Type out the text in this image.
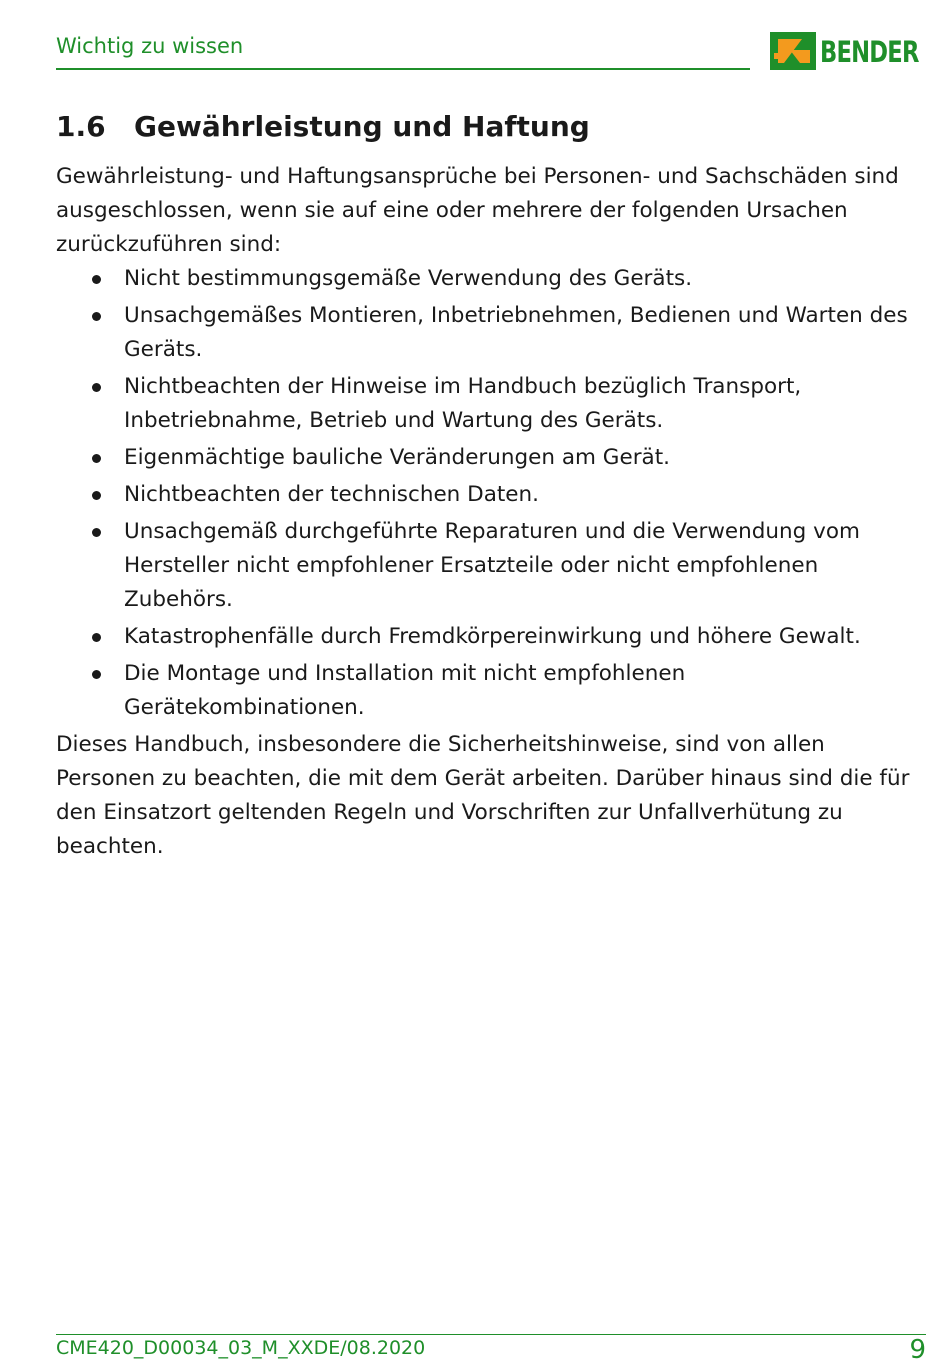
Wichtig zu wissen	BENDER
1.6 Gewährleistung und Haftung

Gewährleistung- und Haftungsansprüche bei Personen- und Sachschäden sind ausgeschlossen, wenn sie auf eine oder mehrere der folgenden Ursachen zurückzuführen sind:

Nicht bestimmungsgemäße Verwendung des Geräts.
Unsachgemäßes Montieren, Inbetriebnehmen, Bedienen und Warten des Geräts.
Nichtbeachten der Hinweise im Handbuch bezüglich Transport, Inbetriebnahme, Betrieb und Wartung des Geräts.
Eigenmächtige bauliche Veränderungen am Gerät.
Nichtbeachten der technischen Daten.
Unsachgemäß durchgeführte Reparaturen und die Verwendung vom Hersteller nicht empfohlener Ersatzteile oder nicht empfohlenen Zubehörs.
Katastrophenfälle durch Fremdkörpereinwirkung und höhere Gewalt.
Die Montage und Installation mit nicht empfohlenen Gerätekombinationen.

Dieses Handbuch, insbesondere die Sicherheitshinweise, sind von allen Personen zu beachten, die mit dem Gerät arbeiten. Darüber hinaus sind die für den Einsatzort geltenden Regeln und Vorschriften zur Unfallverhütung zu beachten.

CME420_D00034_03_M_XXDE/08.2020	9
